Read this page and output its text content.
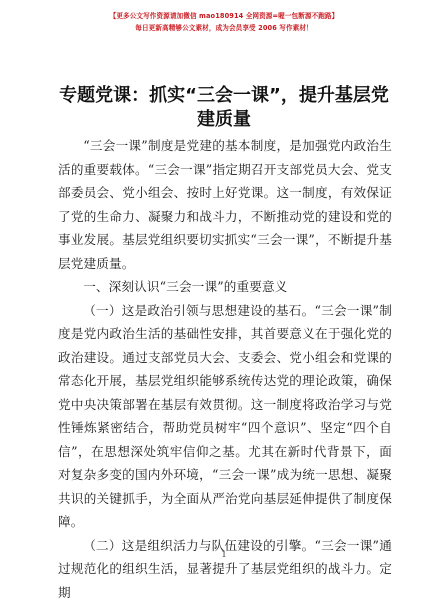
【更多公文写作资源请加微信 mao180914 全网资源=喔一包断源不跑路】
每日更新高精够公文素材，成为会员享受 2006 写作素材！
专题党课：抓实“三会一课”，提升基层党建质量

“三会一课”制度是党建的基本制度，是加强党内政治生活的重要载体。“三会一课”指定期召开支部党员大会、党支部委员会、党小组会、按时上好党课。这一制度，有效保证了党的生命力、凝聚力和战斗力，不断推动党的建设和党的事业发展。基层党组织要切实抓实“三会一课”，不断提升基层党建质量。

一、深刻认识“三会一课”的重要意义

（一）这是政治引领与思想建设的基石。“三会一课”制度是党内政治生活的基础性安排，其首要意义在于强化党的政治建设。通过支部党员大会、支委会、党小组会和党课的常态化开展，基层党组织能够系统传达党的理论政策，确保党中央决策部署在基层有效贯彻。这一制度将政治学习与党性锤炼紧密结合，帮助党员树牢“四个意识”、坚定“四个自信”，在思想深处筑牢信仰之基。尤其在新时代背景下，面对复杂多变的国内外环境，“三会一课”成为统一思想、凝聚共识的关键抓手，为全面从严治党向基层延伸提供了制度保障。

（二）这是组织活力与队伍建设的引擎。“三会一课”通过规范化的组织生活，显著提升了基层党组织的战斗力。定期

1
